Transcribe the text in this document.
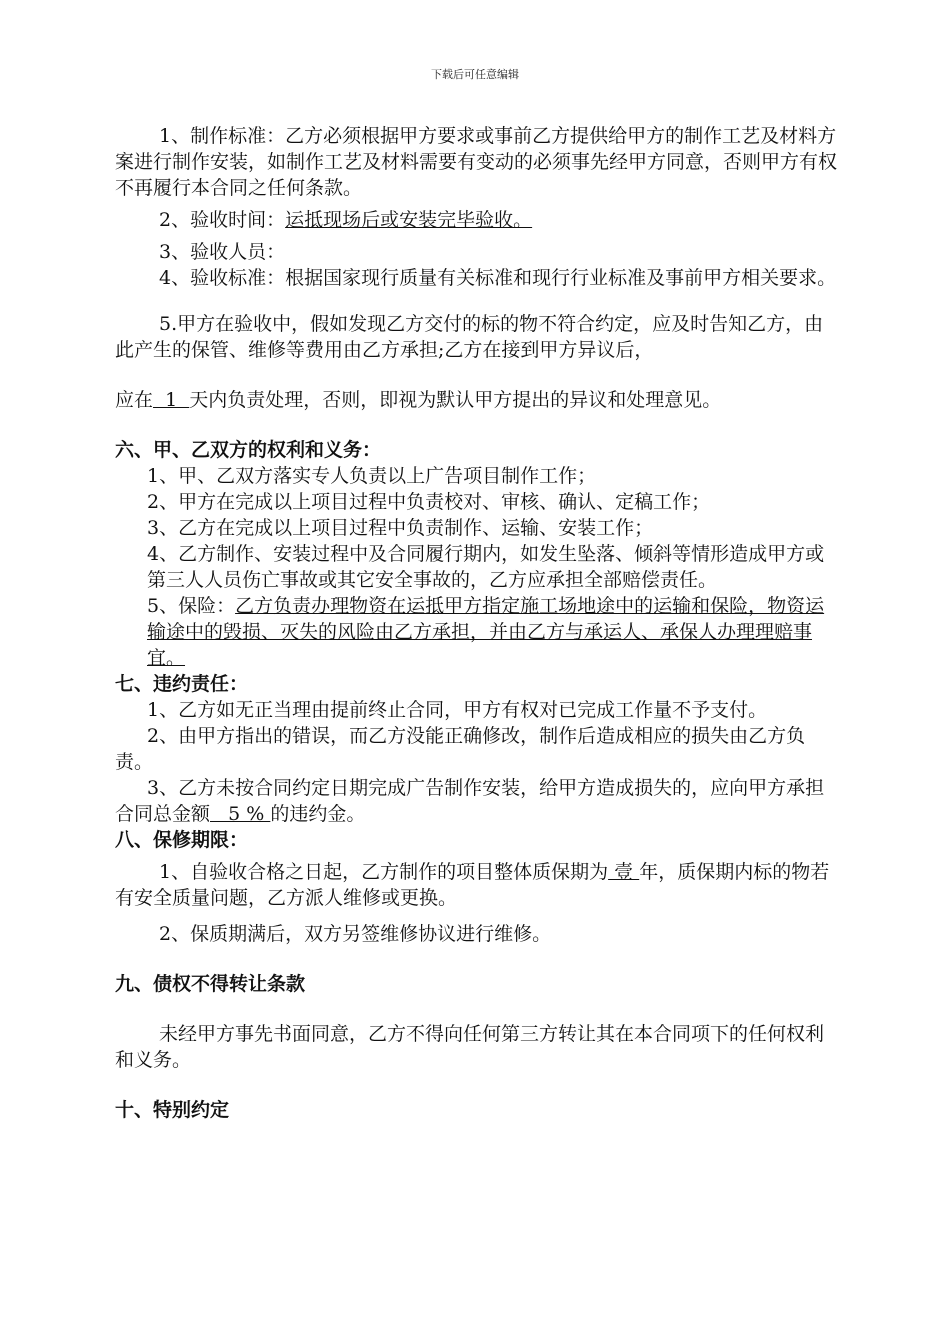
下载后可任意编辑

1、制作标准：乙方必须根据甲方要求或事前乙方提供给甲方的制作工艺及材料方案进行制作安装，如制作工艺及材料需要有变动的必须事先经甲方同意，否则甲方有权不再履行本合同之任何条款。

2、验收时间：运抵现场后或安装完毕验收。

3、验收人员：

4、验收标准：根据国家现行质量有关标准和现行行业标准及事前甲方相关要求。

5.甲方在验收中，假如发现乙方交付的标的物不符合约定，应及时告知乙方，由此产生的保管、维修等费用由乙方承担;乙方在接到甲方异议后，

应在  1  天内负责处理，否则，即视为默认甲方提出的异议和处理意见。

六、甲、乙双方的权利和义务：

1、甲、乙双方落实专人负责以上广告项目制作工作；

2、甲方在完成以上项目过程中负责校对、审核、确认、定稿工作；

3、乙方在完成以上项目过程中负责制作、运输、安装工作；

4、乙方制作、安装过程中及合同履行期内，如发生坠落、倾斜等情形造成甲方或第三人人员伤亡事故或其它安全事故的，乙方应承担全部赔偿责任。

5、保险：乙方负责办理物资在运抵甲方指定施工场地途中的运输和保险，物资运输途中的毁损、灭失的风险由乙方承担，并由乙方与承运人、承保人办理理赔事宜。

七、违约责任：

1、乙方如无正当理由提前终止合同，甲方有权对已完成工作量不予支付。

2、由甲方指出的错误，而乙方没能正确修改，制作后造成相应的损失由乙方负责。

3、乙方未按合同约定日期完成广告制作安装，给甲方造成损失的，应向甲方承担合同总金额   5 % 的违约金。

八、保修期限：

1、自验收合格之日起，乙方制作的项目整体质保期为 壹 年，质保期内标的物若有安全质量问题，乙方派人维修或更换。

2、保质期满后，双方另签维修协议进行维修。

九、债权不得转让条款

未经甲方事先书面同意，乙方不得向任何第三方转让其在本合同项下的任何权利和义务。

十、特别约定
